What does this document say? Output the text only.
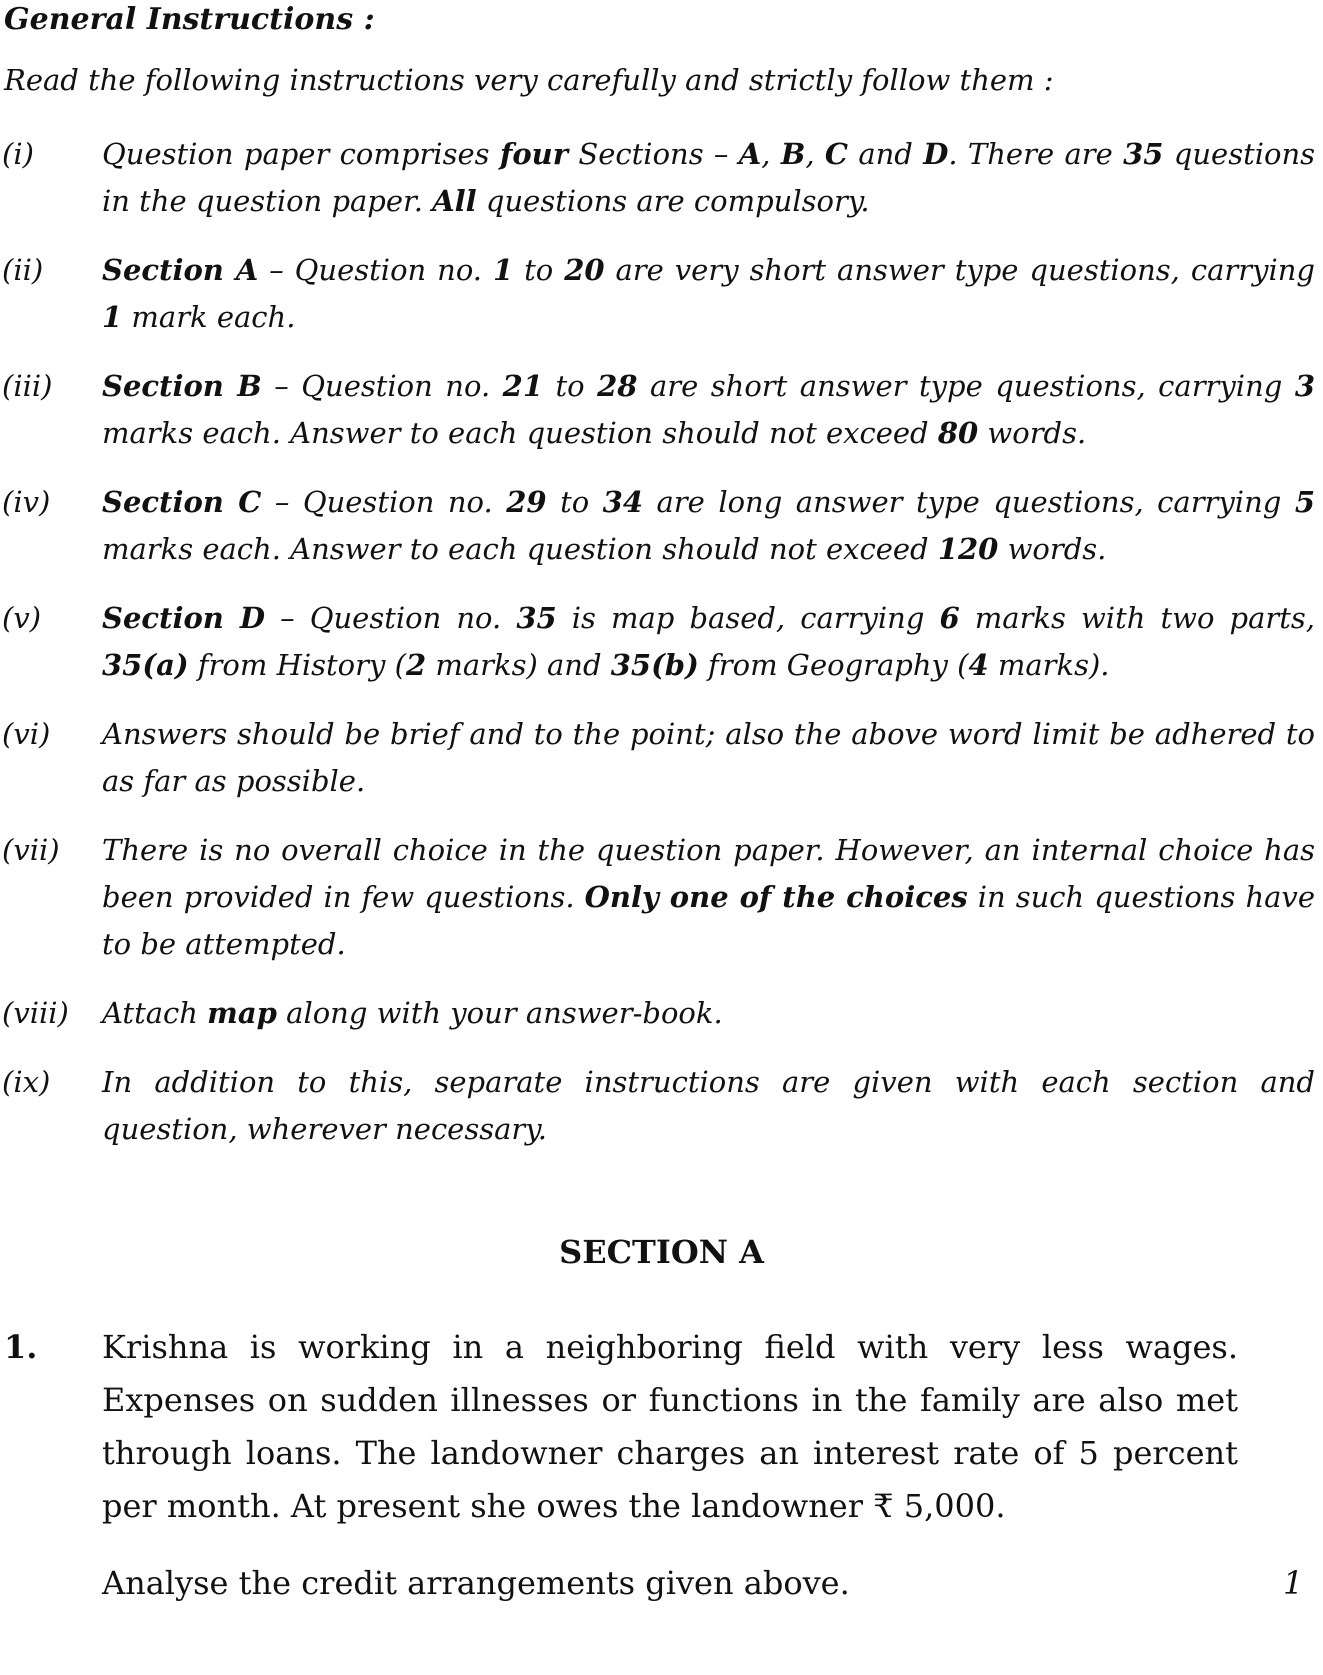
General Instructions :
Read the following instructions very carefully and strictly follow them :
(i) Question paper comprises four Sections – A, B, C and D. There are 35 questions in the question paper. All questions are compulsory.
(ii) Section A – Question no. 1 to 20 are very short answer type questions, carrying 1 mark each.
(iii) Section B – Question no. 21 to 28 are short answer type questions, carrying 3 marks each. Answer to each question should not exceed 80 words.
(iv) Section C – Question no. 29 to 34 are long answer type questions, carrying 5 marks each. Answer to each question should not exceed 120 words.
(v) Section D – Question no. 35 is map based, carrying 6 marks with two parts, 35(a) from History (2 marks) and 35(b) from Geography (4 marks).
(vi) Answers should be brief and to the point; also the above word limit be adhered to as far as possible.
(vii) There is no overall choice in the question paper. However, an internal choice has been provided in few questions. Only one of the choices in such questions have to be attempted.
(viii) Attach map along with your answer-book.
(ix) In addition to this, separate instructions are given with each section and question, wherever necessary.
SECTION A
1. Krishna is working in a neighboring field with very less wages. Expenses on sudden illnesses or functions in the family are also met through loans. The landowner charges an interest rate of 5 percent per month. At present she owes the landowner ₹ 5,000.
Analyse the credit arrangements given above.	1
